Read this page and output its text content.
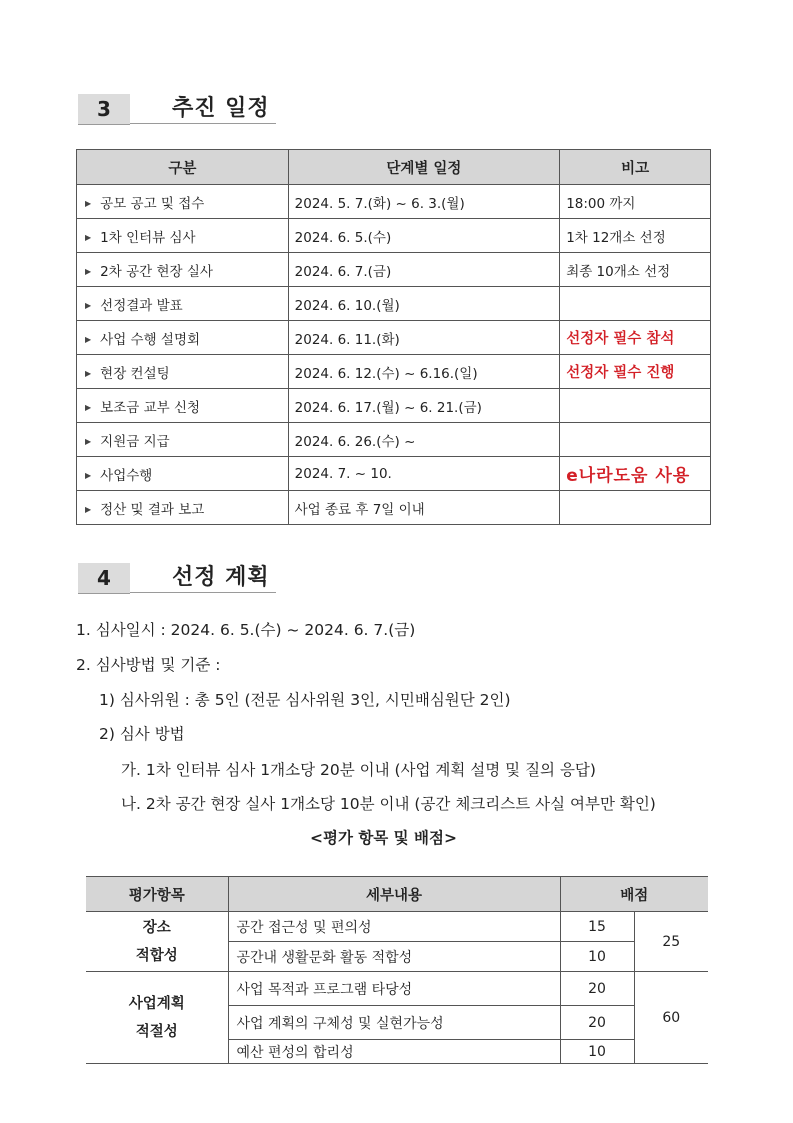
3	추진 일정
구분	단계별 일정	비고
▶ 공모 공고 및 접수	2024. 5. 7.(화) ~ 6. 3.(월)	18:00 까지
▶ 1차 인터뷰 심사	2024. 6. 5.(수)	1차 12개소 선정
▶ 2차 공간 현장 실사	2024. 6. 7.(금)	최종 10개소 선정
▶ 선정결과 발표	2024. 6. 10.(월)	
▶ 사업 수행 설명회	2024. 6. 11.(화)	선정자 필수 참석
▶ 현장 컨설팅	2024. 6. 12.(수) ~ 6.16.(일)	선정자 필수 진행
▶ 보조금 교부 신청	2024. 6. 17.(월) ~ 6. 21.(금)	
▶ 지원금 지급	2024. 6. 26.(수) ~	
▶ 사업수행	2024. 7. ~ 10.	e나라도움 사용
▶ 정산 및 결과 보고	사업 종료 후 7일 이내	
4	선정 계획
1. 심사일시 : 2024. 6. 5.(수) ~ 2024. 6. 7.(금)
2. 심사방법 및 기준 :
1) 심사위원 : 총 5인 (전문 심사위원 3인, 시민배심원단 2인)
2) 심사 방법
가. 1차 인터뷰 심사 1개소당 20분 이내 (사업 계획 설명 및 질의 응답)
나. 2차 공간 현장 실사 1개소당 10분 이내 (공간 체크리스트 사실 여부만 확인)
<평가 항목 및 배점>
평가항목	세부내용	배점	

장소
적합성	공간 접근성 및 편의성	15	25
	공간내 생활문화 활동 적합성	10	

사업계획
적절성	사업 목적과 프로그램 타당성	20	60
	사업 계획의 구체성 및 실현가능성	20	
	예산 편성의 합리성	10	
